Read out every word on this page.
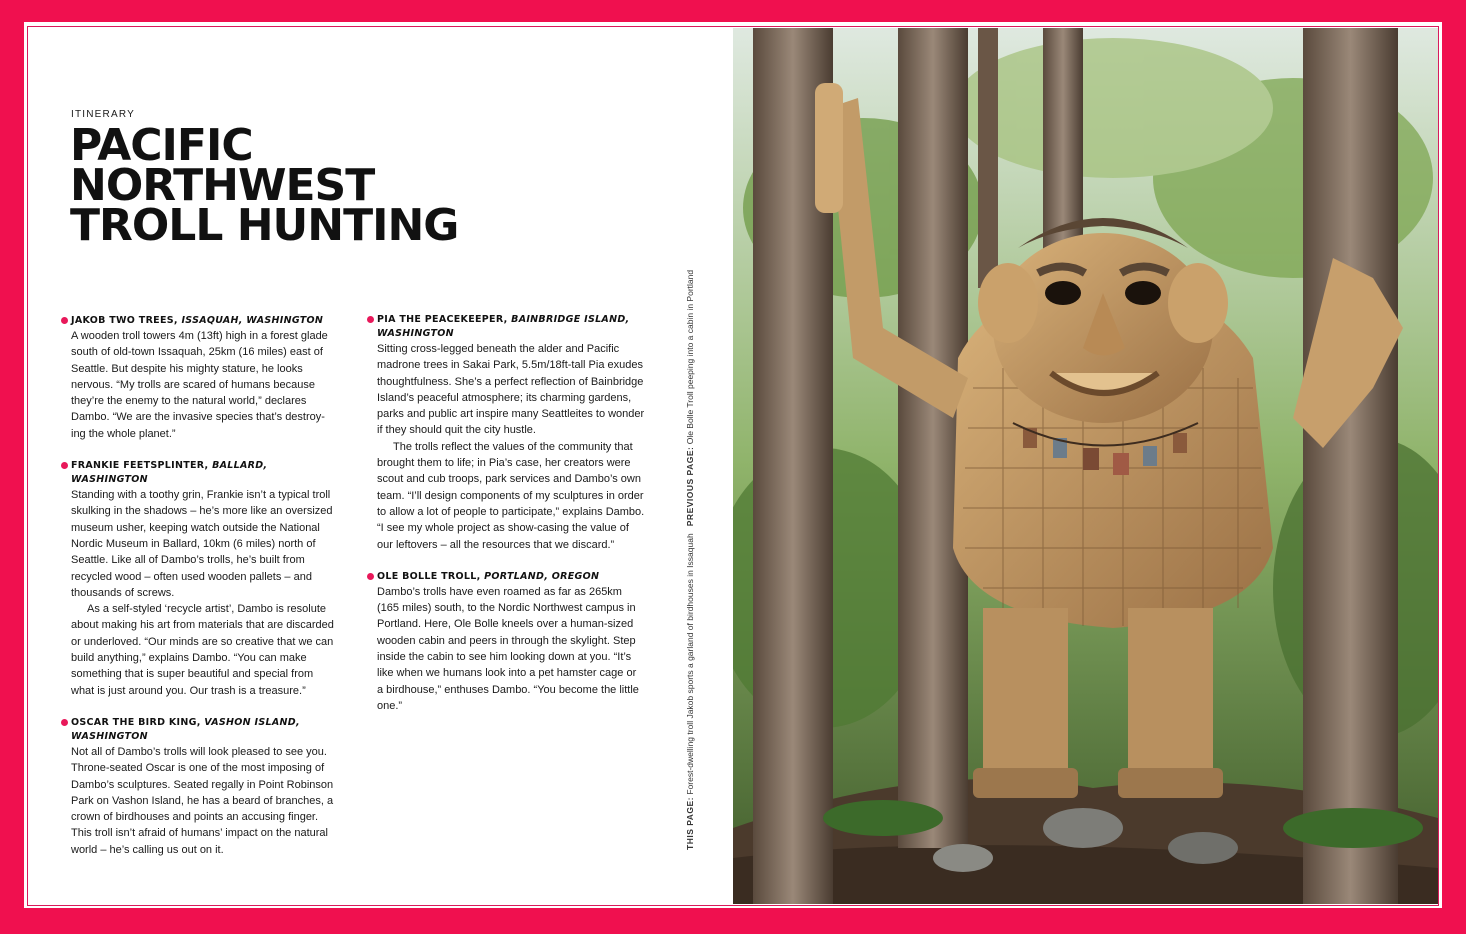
ITINERARY
PACIFIC
NORTHWEST
TROLL HUNTING
JAKOB TWO TREES, ISSAQUAH, WASHINGTON

A wooden troll towers 4m (13ft) high in a forest glade south of old-town Issaquah, 25km (16 miles) east of Seattle. But despite his mighty stature, he looks nervous. “My trolls are scared of humans because they’re the enemy to the natural world,” declares Dambo. “We are the invasive species that’s destroy-ing the whole planet.”

FRANKIE FEETSPLINTER, BALLARD, WASHINGTON

Standing with a toothy grin, Frankie isn’t a typical troll skulking in the shadows – he’s more like an oversized museum usher, keeping watch outside the National Nordic Museum in Ballard, 10km (6 miles) north of Seattle. Like all of Dambo’s trolls, he’s built from recycled wood – often used wooden pallets – and thousands of screws.

As a self-styled ‘recycle artist’, Dambo is resolute about making his art from materials that are discarded or underloved. “Our minds are so creative that we can build anything,” explains Dambo. “You can make something that is super beautiful and special from what is just around you. Our trash is a treasure.”

OSCAR THE BIRD KING, VASHON ISLAND, WASHINGTON

Not all of Dambo’s trolls will look pleased to see you. Throne-seated Oscar is one of the most imposing of Dambo’s sculptures. Seated regally in Point Robinson Park on Vashon Island, he has a beard of branches, a crown of birdhouses and points an accusing finger. This troll isn’t afraid of humans’ impact on the natural world – he’s calling us out on it.

PIA THE PEACEKEEPER, BAINBRIDGE ISLAND, WASHINGTON

Sitting cross-legged beneath the alder and Pacific madrone trees in Sakai Park, 5.5m/18ft-tall Pia exudes thoughtfulness. She’s a perfect reflection of Bainbridge Island’s peaceful atmosphere; its charming gardens, parks and public art inspire many Seattleites to wonder if they should quit the city hustle.

The trolls reflect the values of the community that brought them to life; in Pia’s case, her creators were scout and cub troops, park services and Dambo’s own team. “I’ll design components of my sculptures in order to allow a lot of people to participate,” explains Dambo. “I see my whole project as show-casing the value of our leftovers – all the resources that we discard.”

OLE BOLLE TROLL, PORTLAND, OREGON

Dambo’s trolls have even roamed as far as 265km (165 miles) south, to the Nordic Northwest campus in Portland. Here, Ole Bolle kneels over a human-sized wooden cabin and peers in through the skylight. Step inside the cabin to see him looking down at you. “It’s like when we humans look into a pet hamster cage or a birdhouse,” enthuses Dambo. “You become the little one.”

THIS PAGE: Forest-dwelling troll Jakob sports a garland of birdhouses in Issaquah   PREVIOUS PAGE: Ole Bolle Troll peeping into a cabin in Portland
